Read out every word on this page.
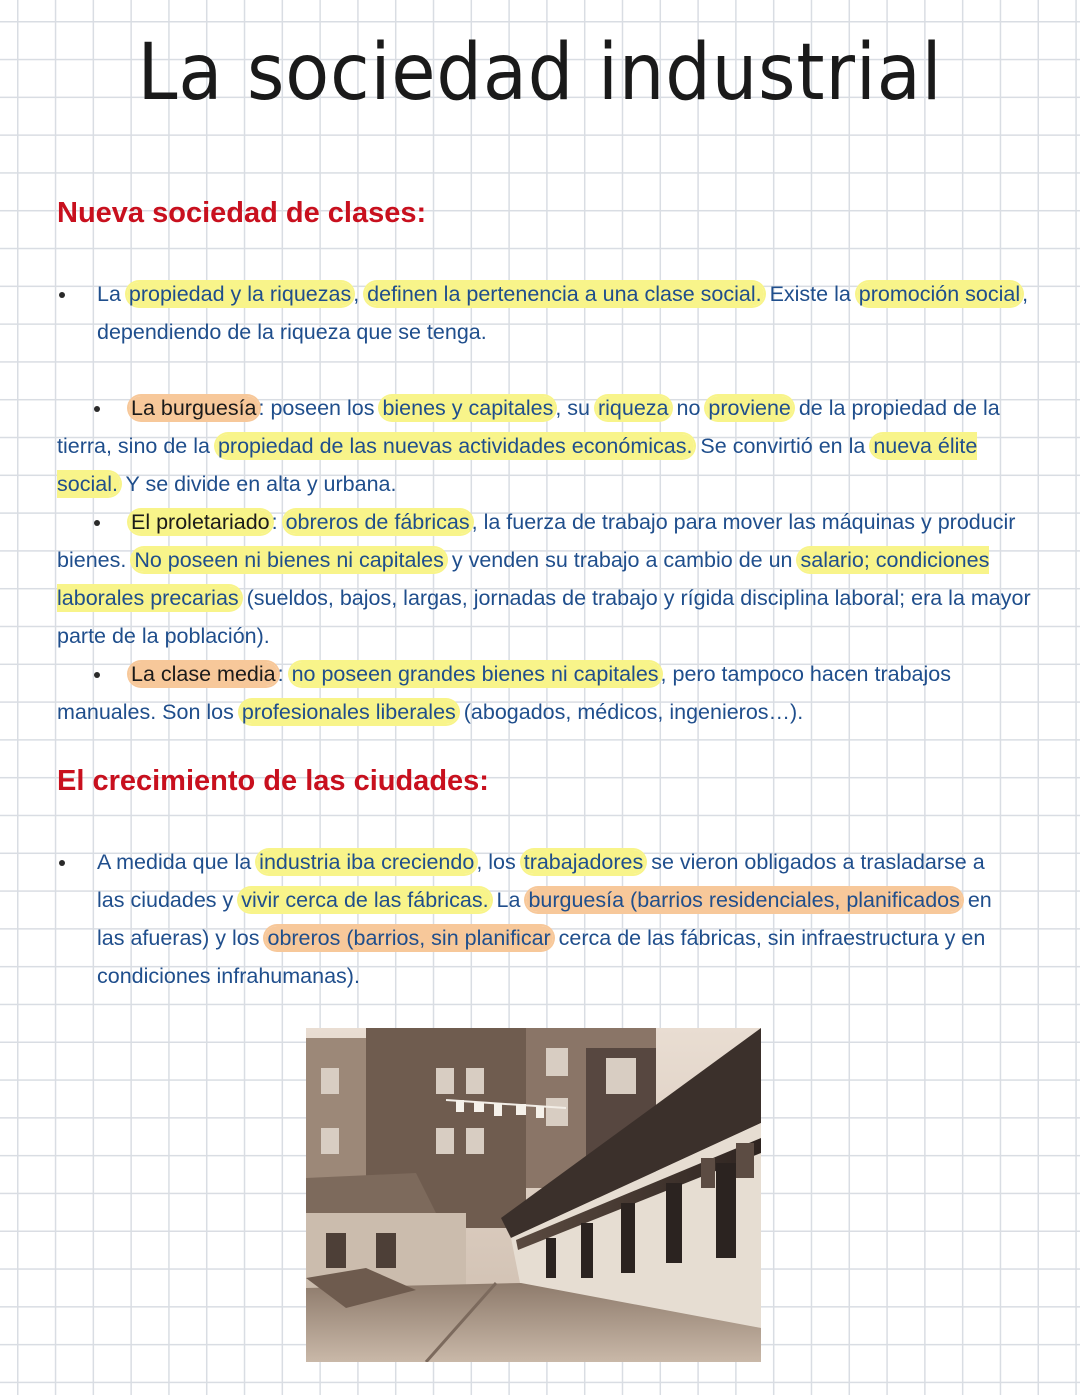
La sociedad industrial
Nueva sociedad de clases:
La propiedad y la riquezas, definen la pertenencia a una clase social. Existe la promoción social, dependiendo de la riqueza que se tenga.
La burguesía: poseen los bienes y capitales, su riqueza no proviene de la propiedad de la tierra, sino de la propiedad de las nuevas actividades económicas. Se convirtió en la nueva élite social. Y se divide en alta y urbana.
El proletariado: obreros de fábricas, la fuerza de trabajo para mover las máquinas y producir bienes. No poseen ni bienes ni capitales y venden su trabajo a cambio de un salario; condiciones laborales precarias (sueldos, bajos, largas, jornadas de trabajo y rígida disciplina laboral; era la mayor parte de la población).
La clase media: no poseen grandes bienes ni capitales, pero tampoco hacen trabajos manuales. Son los profesionales liberales (abogados, médicos, ingenieros…).
El crecimiento de las ciudades:
A medida que la industria iba creciendo, los trabajadores se vieron obligados a trasladarse a las ciudades y vivir cerca de las fábricas. La burguesía (barrios residenciales, planificados en las afueras) y los obreros (barrios, sin planificar cerca de las fábricas, sin infraestructura y en condiciones infrahumanas).
